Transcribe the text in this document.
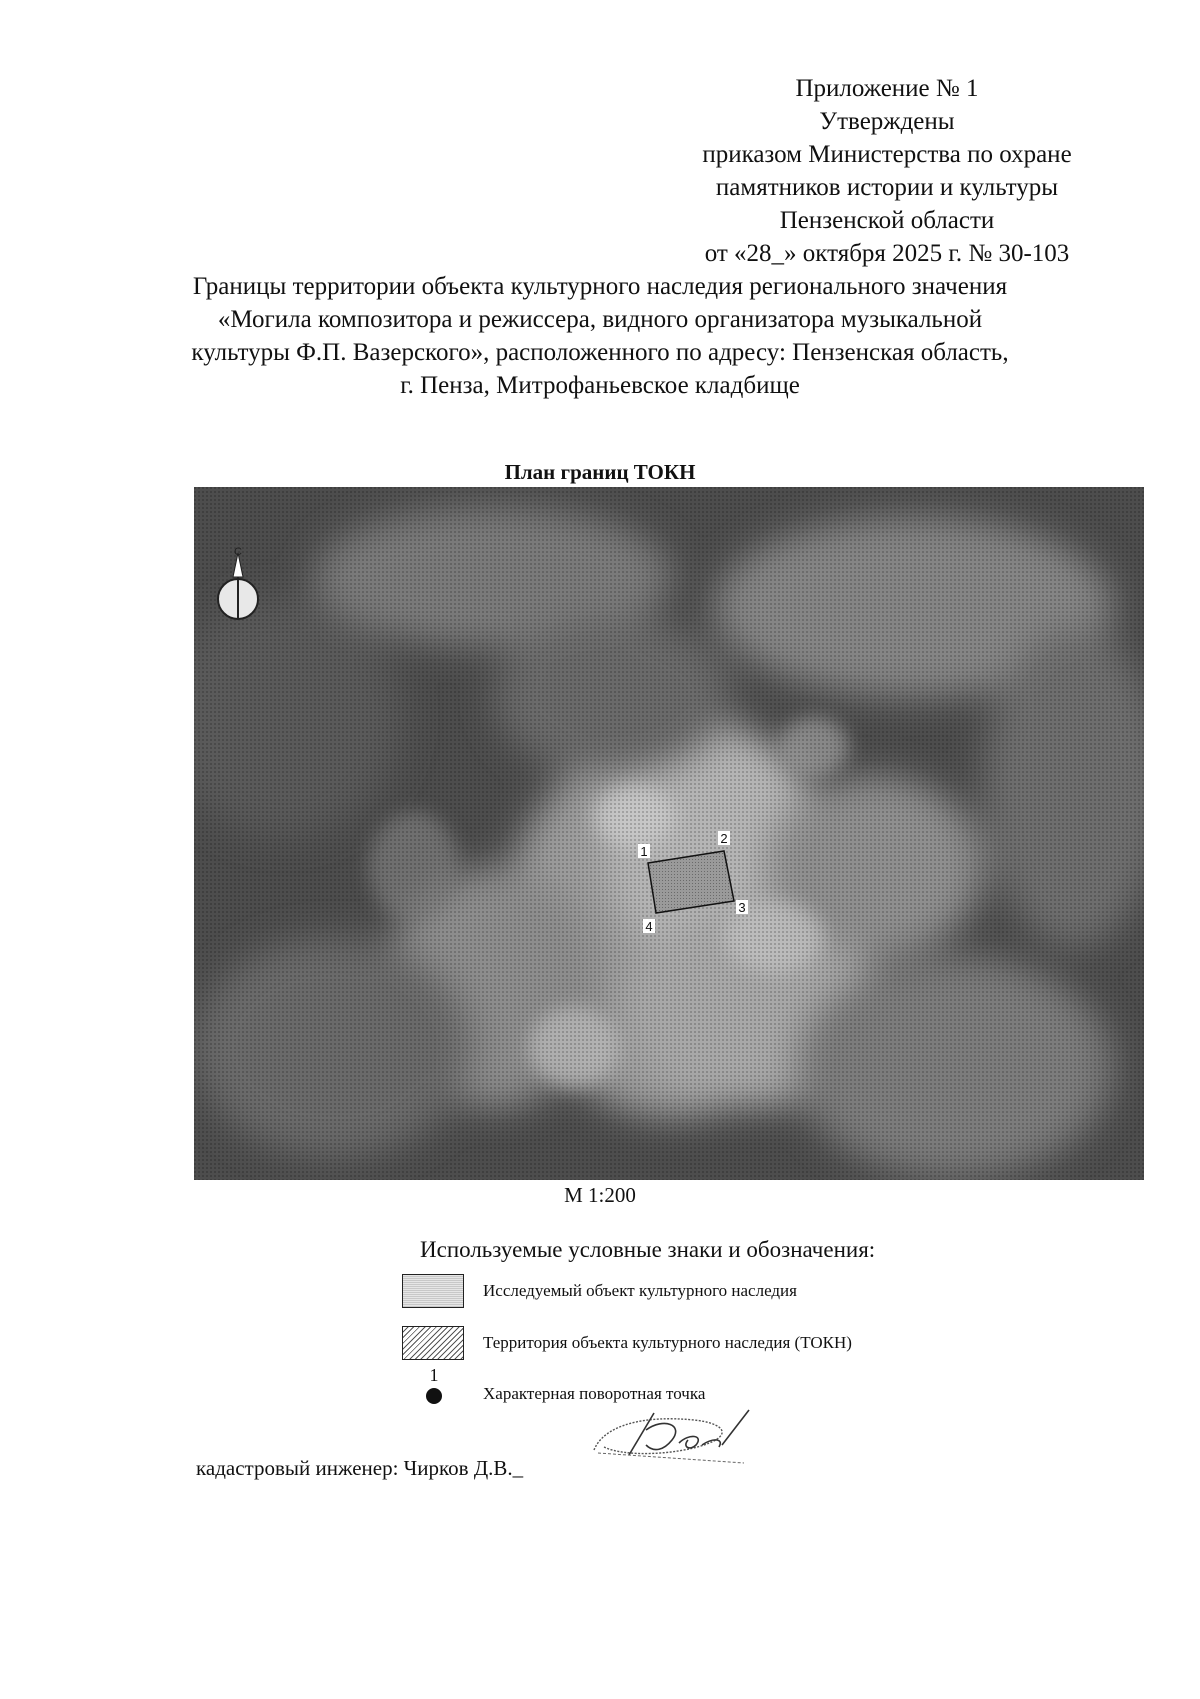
Приложение № 1
Утверждены
приказом Министерства по охране
памятников истории и культуры
Пензенской области
от «28_» октября 2025 г. № 30-103
Границы территории объекта культурного наследия регионального значения
«Могила композитора и режиссера, видного организатора музыкальной
культуры Ф.П. Вазерского», расположенного по адресу: Пензенская область,
г. Пенза, Митрофаньевское кладбище
План границ ТОКН
С
1
2
3
4
М 1:200
Используемые условные знаки и обозначения:
Исследуемый объект культурного наследия
Территория объекта культурного наследия (ТОКН)
1
Характерная поворотная точка
кадастровый инженер: Чирков Д.В._
